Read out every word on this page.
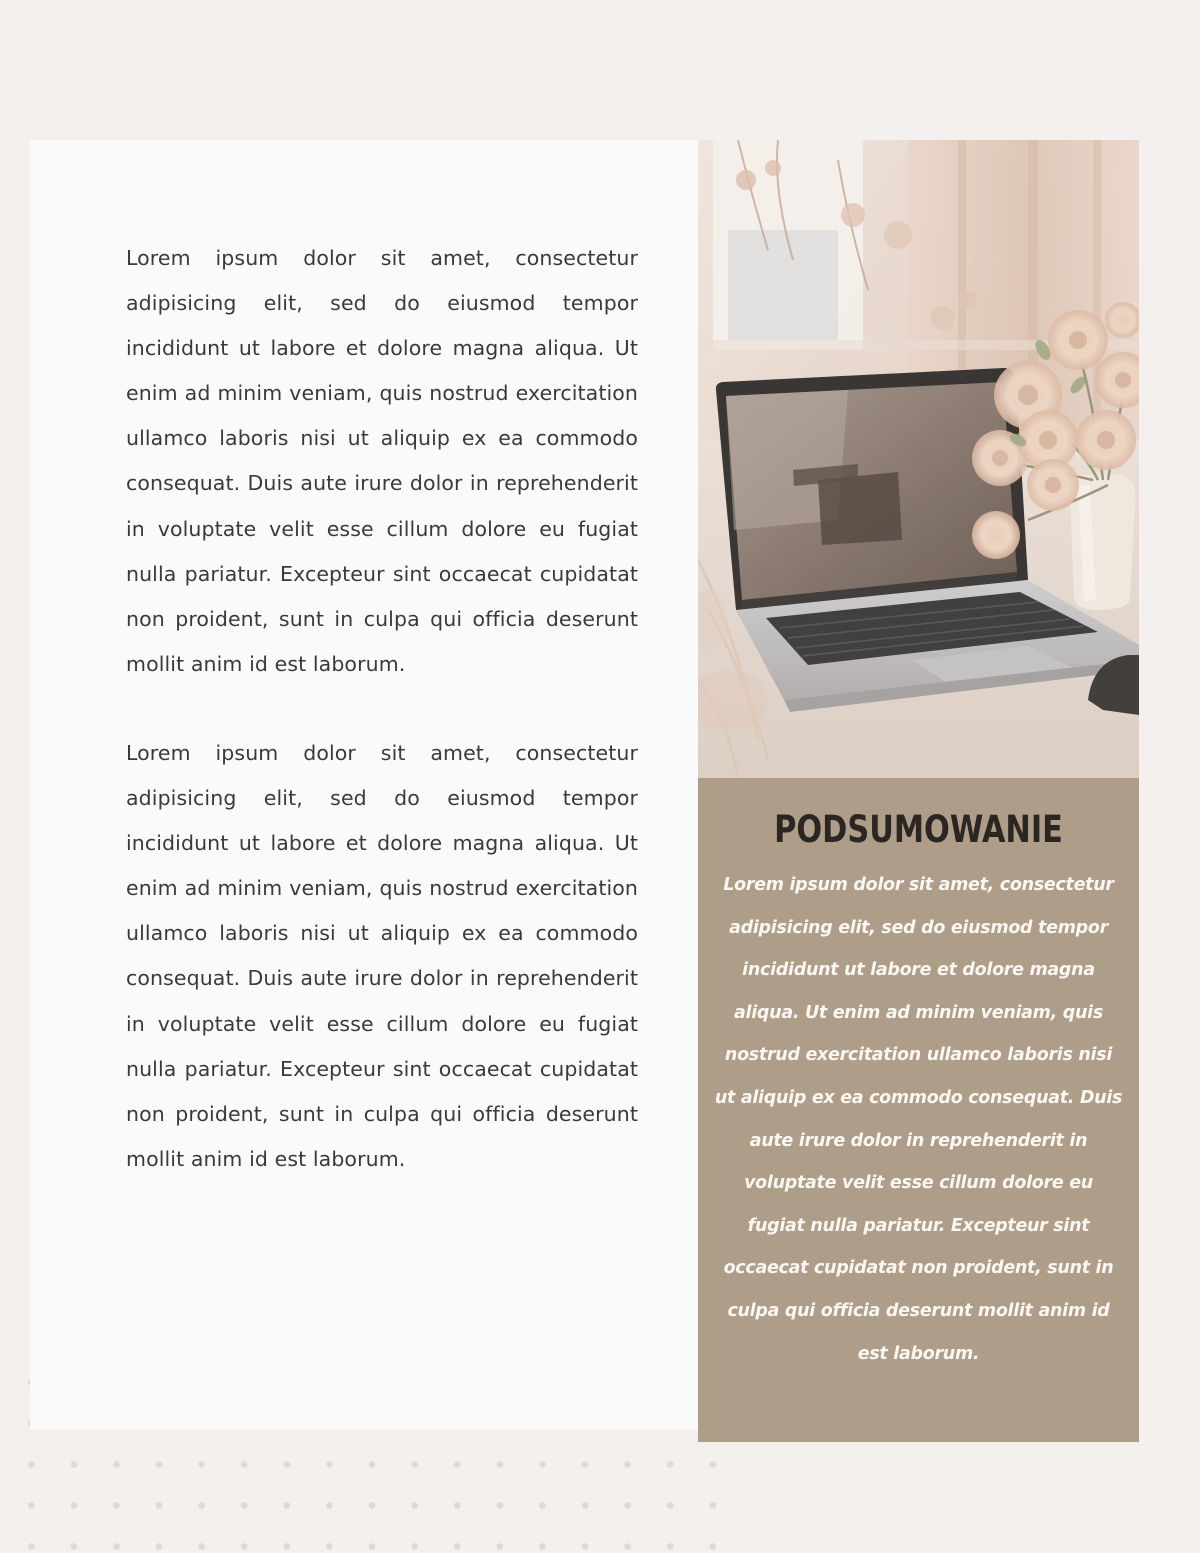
Lorem ipsum dolor sit amet, consectetur adipisicing elit, sed do eiusmod tempor incididunt ut labore et dolore magna aliqua. Ut enim ad minim veniam, quis nostrud exercitation ullamco laboris nisi ut aliquip ex ea commodo consequat. Duis aute irure dolor in reprehenderit in voluptate velit esse cillum dolore eu fugiat nulla pariatur. Excepteur sint occaecat cupidatat non proident, sunt in culpa qui officia deserunt mollit anim id est laborum.

Lorem ipsum dolor sit amet, consectetur adipisicing elit, sed do eiusmod tempor incididunt ut labore et dolore magna aliqua. Ut enim ad minim veniam, quis nostrud exercitation ullamco laboris nisi ut aliquip ex ea commodo consequat. Duis aute irure dolor in reprehenderit in voluptate velit esse cillum dolore eu fugiat nulla pariatur. Excepteur sint occaecat cupidatat non proident, sunt in culpa qui officia deserunt mollit anim id est laborum.

PODSUMOWANIE

Lorem ipsum dolor sit amet, consectetur adipisicing elit, sed do eiusmod tempor incididunt ut labore et dolore magna aliqua. Ut enim ad minim veniam, quis nostrud exercitation ullamco laboris nisi ut aliquip ex ea commodo consequat. Duis aute irure dolor in reprehenderit in voluptate velit esse cillum dolore eu fugiat nulla pariatur. Excepteur sint occaecat cupidatat non proident, sunt in culpa qui officia deserunt mollit anim id est laborum.
